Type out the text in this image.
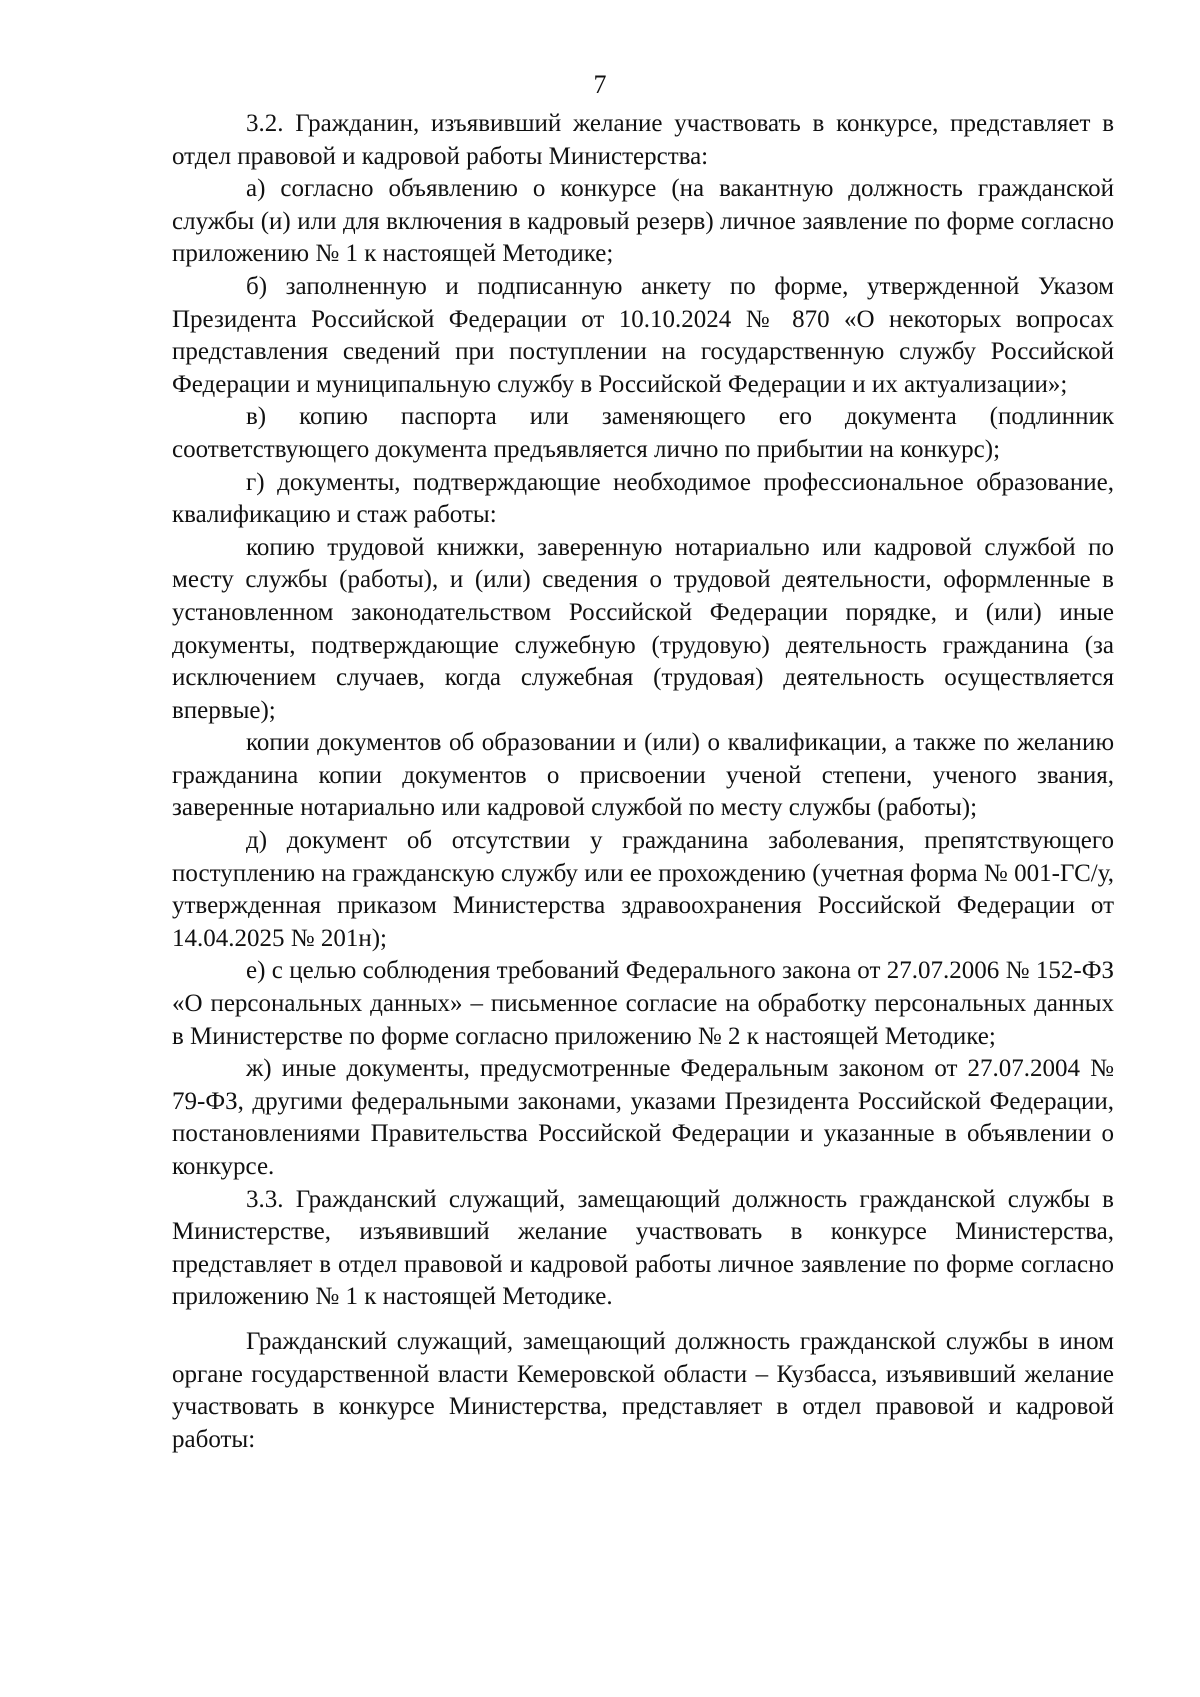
7

3.2. Гражданин, изъявивший желание участвовать в конкурсе, представляет в отдел правовой и кадровой работы Министерства:

а) согласно объявлению о конкурсе (на вакантную должность гражданской службы (и) или для включения в кадровый резерв) личное заявление по форме согласно приложению № 1 к настоящей Методике;

б) заполненную и подписанную анкету по форме, утвержденной Указом Президента Российской Федерации от 10.10.2024 № 870 «О некоторых вопросах представления сведений при поступлении на государственную службу Российской Федерации и муниципальную службу в Российской Федерации и их актуализации»;

в) копию паспорта или заменяющего его документа (подлинник соответствующего документа предъявляется лично по прибытии на конкурс);

г) документы, подтверждающие необходимое профессиональное образование, квалификацию и стаж работы:

копию трудовой книжки, заверенную нотариально или кадровой службой по месту службы (работы), и (или) сведения о трудовой деятельности, оформленные в установленном законодательством Российской Федерации порядке, и (или) иные документы, подтверждающие служебную (трудовую) деятельность гражданина (за исключением случаев, когда служебная (трудовая) деятельность осуществляется впервые);

копии документов об образовании и (или) о квалификации, а также по желанию гражданина копии документов о присвоении ученой степени, ученого звания, заверенные нотариально или кадровой службой по месту службы (работы);

д) документ об отсутствии у гражданина заболевания, препятствующего поступлению на гражданскую службу или ее прохождению (учетная форма № 001-ГС/у, утвержденная приказом Министерства здравоохранения Российской Федерации от 14.04.2025 № 201н);

е) с целью соблюдения требований Федерального закона от 27.07.2006 № 152-ФЗ «О персональных данных» – письменное согласие на обработку персональных данных в Министерстве по форме согласно приложению № 2 к настоящей Методике;

ж) иные документы, предусмотренные Федеральным законом от 27.07.2004 № 79-ФЗ, другими федеральными законами, указами Президента Российской Федерации, постановлениями Правительства Российской Федерации и указанные в объявлении о конкурсе.

3.3. Гражданский служащий, замещающий должность гражданской службы в Министерстве, изъявивший желание участвовать в конкурсе Министерства, представляет в отдел правовой и кадровой работы личное заявление по форме согласно приложению № 1 к настоящей Методике.

Гражданский служащий, замещающий должность гражданской службы в ином органе государственной власти Кемеровской области – Кузбасса, изъявивший желание участвовать в конкурсе Министерства, представляет в отдел правовой и кадровой работы:
